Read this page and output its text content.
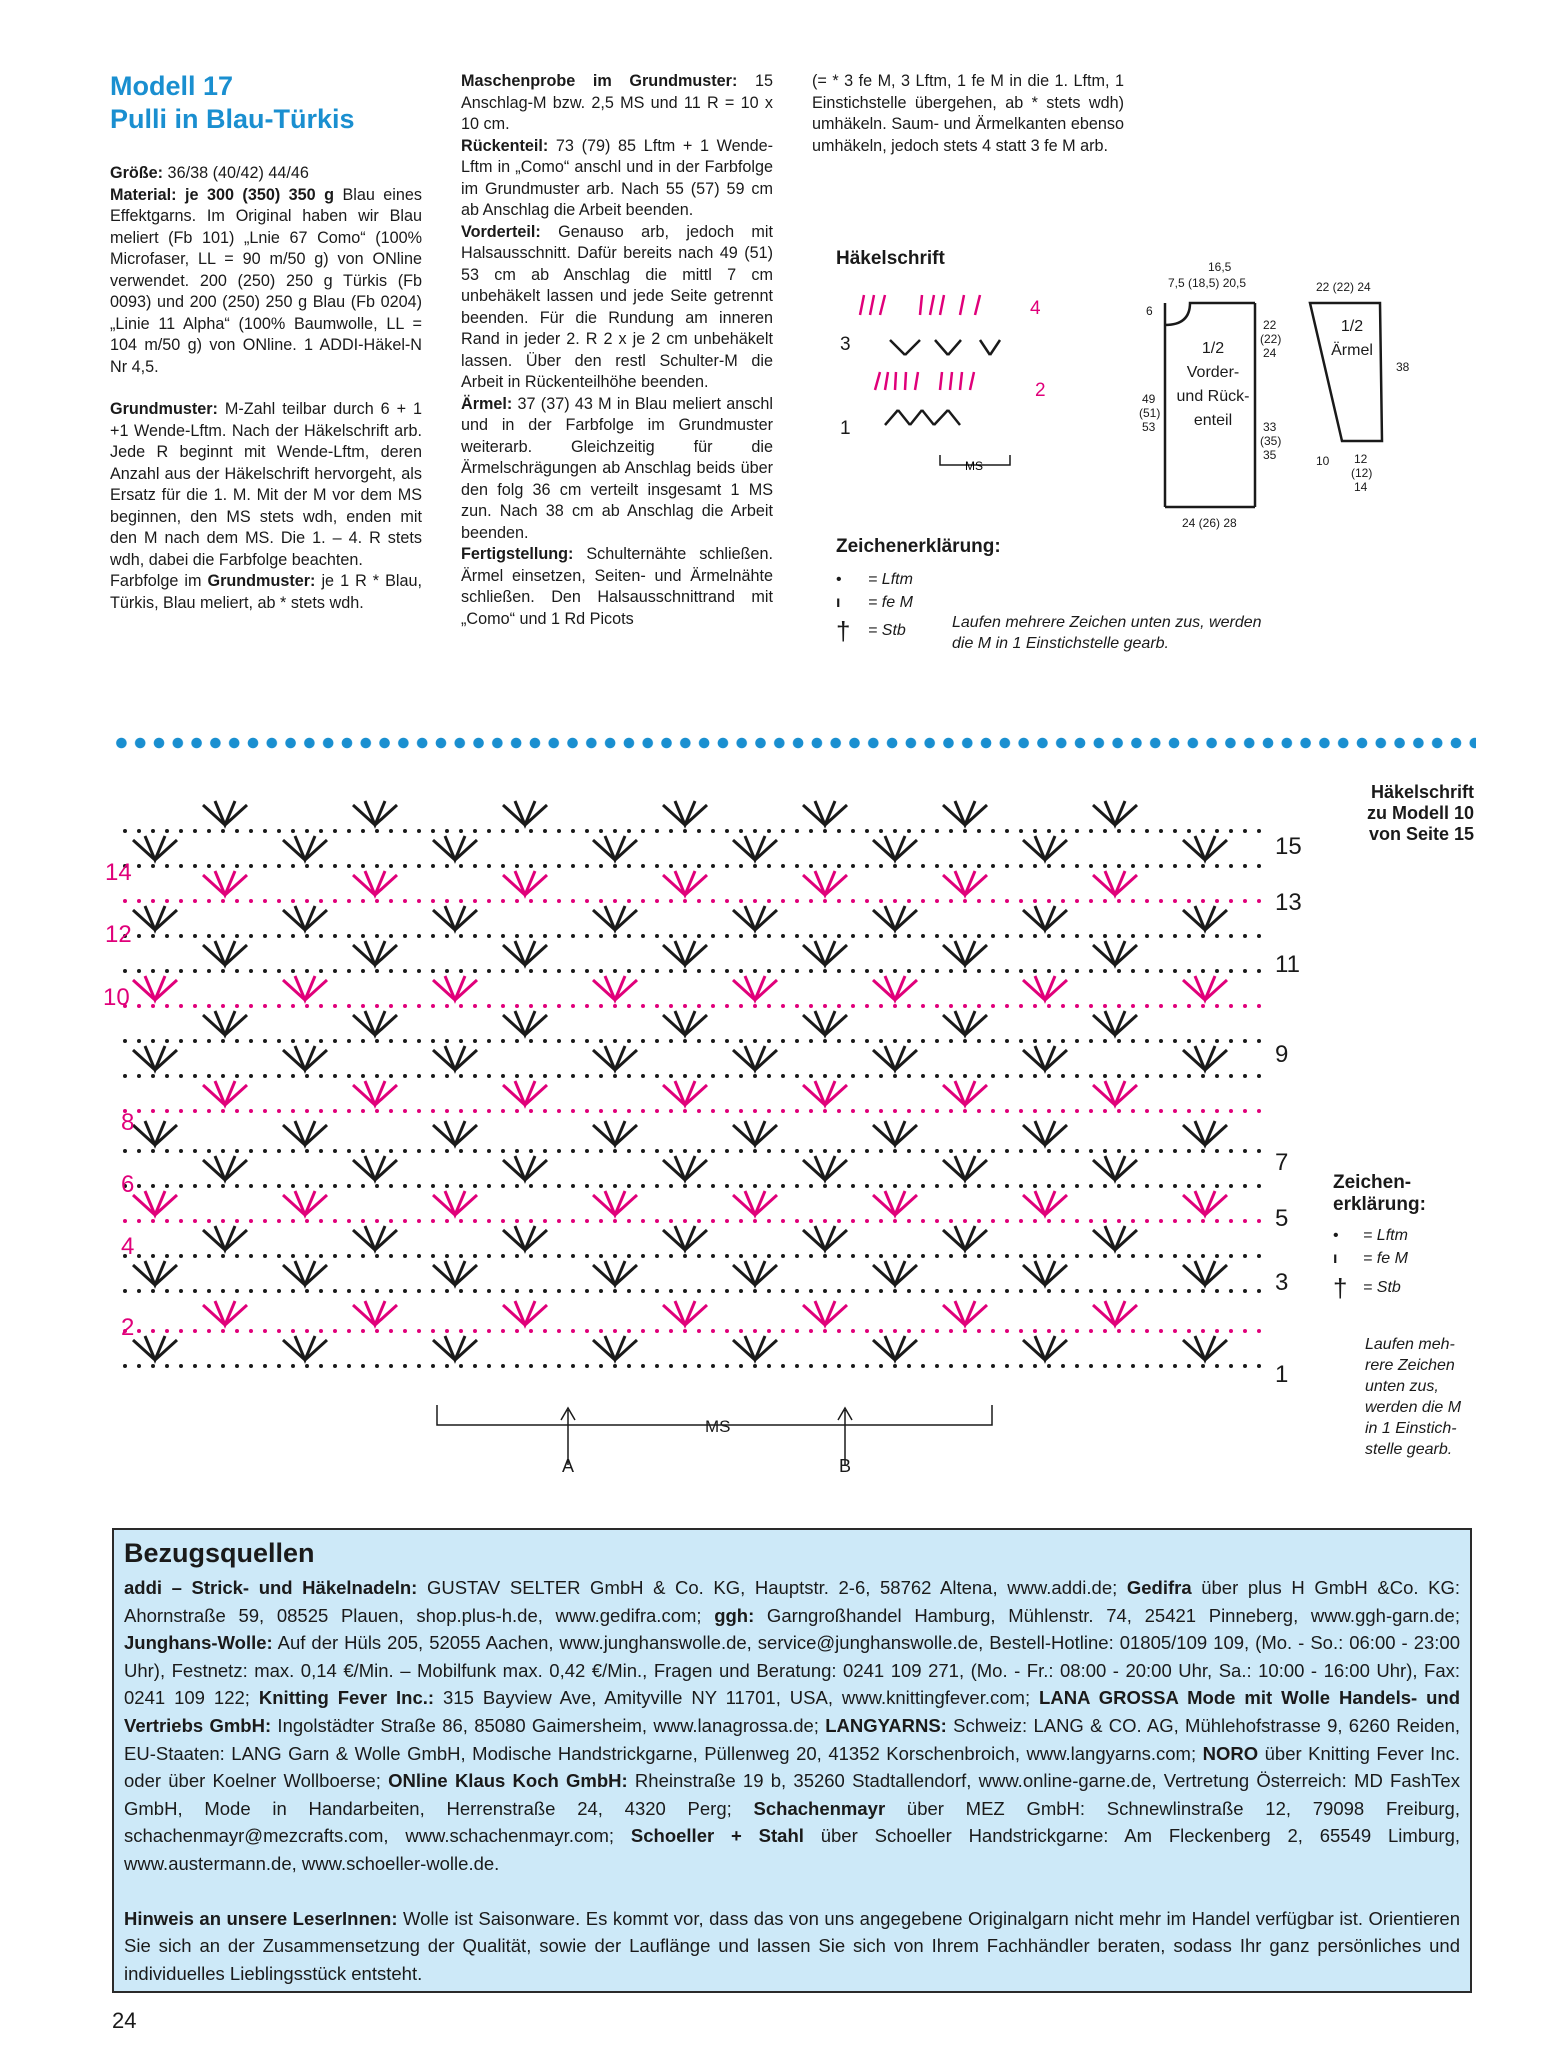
Modell 17
Pulli in Blau-Türkis

Größe: 36/38 (40/42) 44/46

Material: je 300 (350) 350 g Blau eines Effektgarns. Im Original haben wir Blau meliert (Fb 101) „Lnie 67 Como“ (100% Microfaser, LL = 90 m/50 g) von ONline verwendet. 200 (250) 250 g Türkis (Fb 0093) und 200 (250) 250 g Blau (Fb 0204) „Linie 11 Alpha“ (100% Baumwolle, LL = 104 m/50 g) von ONline. 1 ADDI-Häkel-N Nr 4,5.

Grundmuster: M-Zahl teilbar durch 6 + 1 +1 Wende-Lftm. Nach der Häkelschrift arb. Jede R beginnt mit Wende-Lftm, deren Anzahl aus der Häkelschrift hervorgeht, als Ersatz für die 1. M. Mit der M vor dem MS beginnen, den MS stets wdh, enden mit den M nach dem MS. Die 1. – 4. R stets wdh, dabei die Farbfolge beachten.

Farbfolge im Grundmuster: je 1 R * Blau, Türkis, Blau meliert, ab * stets wdh.

Maschenprobe im Grundmuster: 15 Anschlag-M bzw. 2,5 MS und 11 R = 10 x 10 cm.

Rückenteil: 73 (79) 85 Lftm + 1 Wende-Lftm in „Como“ anschl und in der Farbfolge im Grundmuster arb. Nach 55 (57) 59 cm ab Anschlag die Arbeit beenden.

Vorderteil: Genauso arb, jedoch mit Halsausschnitt. Dafür bereits nach 49 (51) 53 cm ab Anschlag die mittl 7 cm unbehäkelt lassen und jede Seite getrennt beenden. Für die Rundung am inneren Rand in jeder 2. R 2 x je 2 cm unbehäkelt lassen. Über den restl Schulter-M die Arbeit in Rückenteilhöhe beenden.

Ärmel: 37 (37) 43 M in Blau meliert anschl und in der Farbfolge im Grundmuster weiterarb. Gleichzeitig für die Ärmelschrägungen ab Anschlag beids über den folg 36 cm verteilt insgesamt 1 MS zun. Nach 38 cm ab Anschlag die Arbeit beenden.

Fertigstellung: Schulternähte schließen. Ärmel einsetzen, Seiten- und Ärmelnähte schließen. Den Halsausschnittrand mit „Como“ und 1 Rd Picots

(= * 3 fe M, 3 Lftm, 1 fe M in die 1. Lftm, 1 Einstichstelle übergehen, ab * stets wdh) umhäkeln. Saum- und Ärmelkanten ebenso umhäkeln, jedoch stets 4 statt 3 fe M arb.

Häkelschrift
4
3
2
1
MS
Zeichenerklärung:
•	= Lftm
ı	= fe M
†	= Stb	Laufen mehrere Zeichen unten zus, werden die M in 1 Einstichstelle gearb.
16,5
7,5 (18,5) 20,5
6
22
(22)
24
49
(51)
53	33
(35)
35
24 (26) 28
22 (22) 24
38
10 12
(12)
14
1/2
Vorder-
und Rück-
enteil
1/2
Ärmel
Häkelschrift
zu Modell 10
von Seite 15
14
12
10
8
6
4
2
15
13
11
9
7
5
3
1
MS
A	B
Zeichen-
erklärung:
•	= Lftm
ı	= fe M
† = Stb
Laufen meh-
rere Zeichen
unten zus,
werden die M
in 1 Einstich-
stelle gearb.
Bezugsquellen

addi – Strick- und Häkelnadeln: GUSTAV SELTER GmbH & Co. KG, Hauptstr. 2-6, 58762 Altena, www.addi.de; Gedifra über plus H GmbH &Co. KG: Ahornstraße 59, 08525 Plauen, shop.plus-h.de, www.gedifra.com; ggh: Garngroßhandel Hamburg, Mühlenstr. 74, 25421 Pinneberg, www.ggh-garn.de; Junghans-Wolle: Auf der Hüls 205, 52055 Aachen, www.junghanswolle.de, service@junghanswolle.de, Bestell-Hotline: 01805/109 109, (Mo. - So.: 06:00 - 23:00 Uhr), Festnetz: max. 0,14 €/Min. – Mobilfunk max. 0,42 €/Min., Fragen und Beratung: 0241 109 271, (Mo. - Fr.: 08:00 - 20:00 Uhr, Sa.: 10:00 - 16:00 Uhr), Fax: 0241 109 122; Knitting Fever Inc.: 315 Bayview Ave, Amityville NY 11701, USA, www.knittingfever.com; LANA GROSSA Mode mit Wolle Handels- und Vertriebs GmbH: Ingolstädter Straße 86, 85080 Gaimersheim, www.lanagrossa.de; LANGYARNS: Schweiz: LANG & CO. AG, Mühlehofstrasse 9, 6260 Reiden, EU-Staaten: LANG Garn & Wolle GmbH, Modische Handstrickgarne, Püllenweg 20, 41352 Korschenbroich, www.langyarns.com; NORO über Knitting Fever Inc. oder über Koelner Wollboerse; ONline Klaus Koch GmbH: Rheinstraße 19 b, 35260 Stadtallendorf, www.online-garne.de, Vertretung Österreich: MD FashTex GmbH, Mode in Handarbeiten, Herrenstraße 24, 4320 Perg; Schachenmayr über MEZ GmbH: Schnewlinstraße 12, 79098 Freiburg, schachenmayr@mezcrafts.com, www.schachenmayr.com; Schoeller + Stahl über Schoeller Handstrickgarne: Am Fleckenberg 2, 65549 Limburg, www.austermann.de, www.schoeller-wolle.de.

Hinweis an unsere LeserInnen: Wolle ist Saisonware. Es kommt vor, dass das von uns angegebene Originalgarn nicht mehr im Handel verfügbar ist. Orientieren Sie sich an der Zusammensetzung der Qualität, sowie der Lauflänge und lassen Sie sich von Ihrem Fachhändler beraten, sodass Ihr ganz persönliches und individuelles Lieblingsstück entsteht.

24
